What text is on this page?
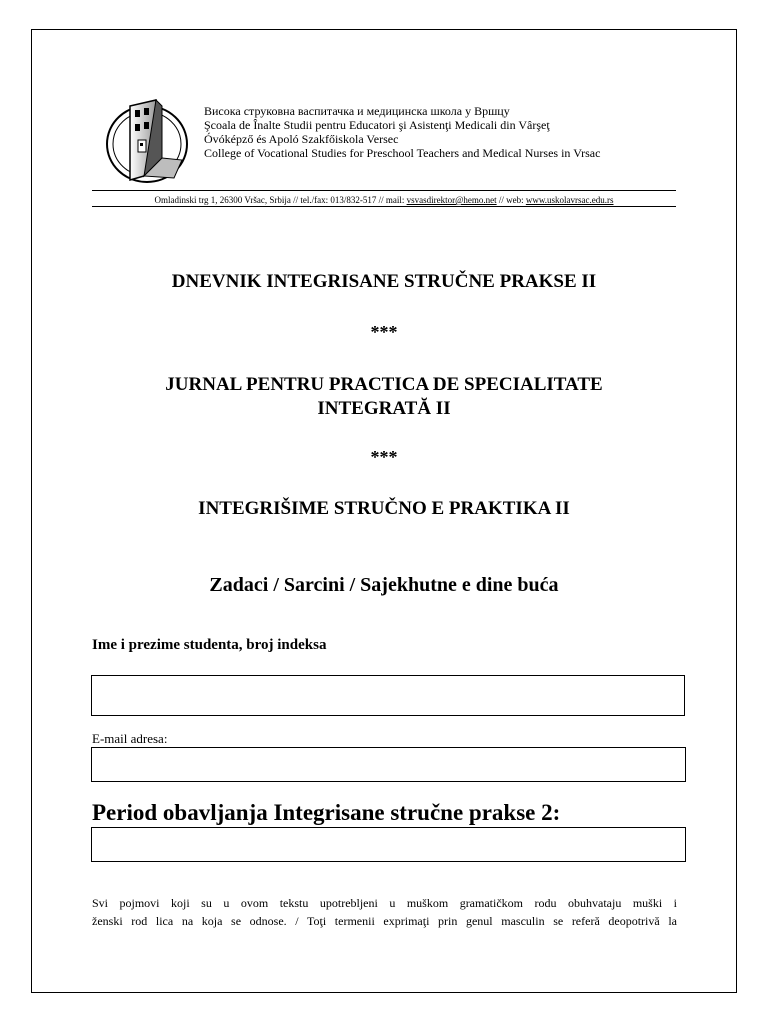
Висока струковна васпитачка и медицинска школа у Вршцу
Şcoala de Înalte Studii pentru Educatori şi Asistenţi Medicali din Vârşeţ
Óvóképző és Apoló Szakfőiskola Versec
College of Vocational Studies for Preschool Teachers and Medical Nurses in Vrsac
Omladinski trg 1, 26300 Vršac, Srbija // tel./fax: 013/832-517 // mail: vsvasdirektor@hemo.net // web: www.uskolavrsac.edu.rs
DNEVNIK INTEGRISANE STRUČNE PRAKSE II
***
JURNAL PENTRU PRACTICA DE SPECIALITATE
INTEGRATĂ II
***
INTEGRIŠIME STRUČNO E PRAKTIKA II
Zadaci / Sarcini / Sajekhutne e dine buća
Ime i prezime studenta, broj indeksa
E-mail adresa:
Period obavljanja Integrisane stručne prakse 2:
Svi pojmovi koji su u ovom tekstu upotrebljeni u muškom gramatičkom rodu obuhvataju muški i
ženski rod lica na koja se odnose. / Toţi termenii exprimaţi prin genul masculin se referă deopotrivă la
